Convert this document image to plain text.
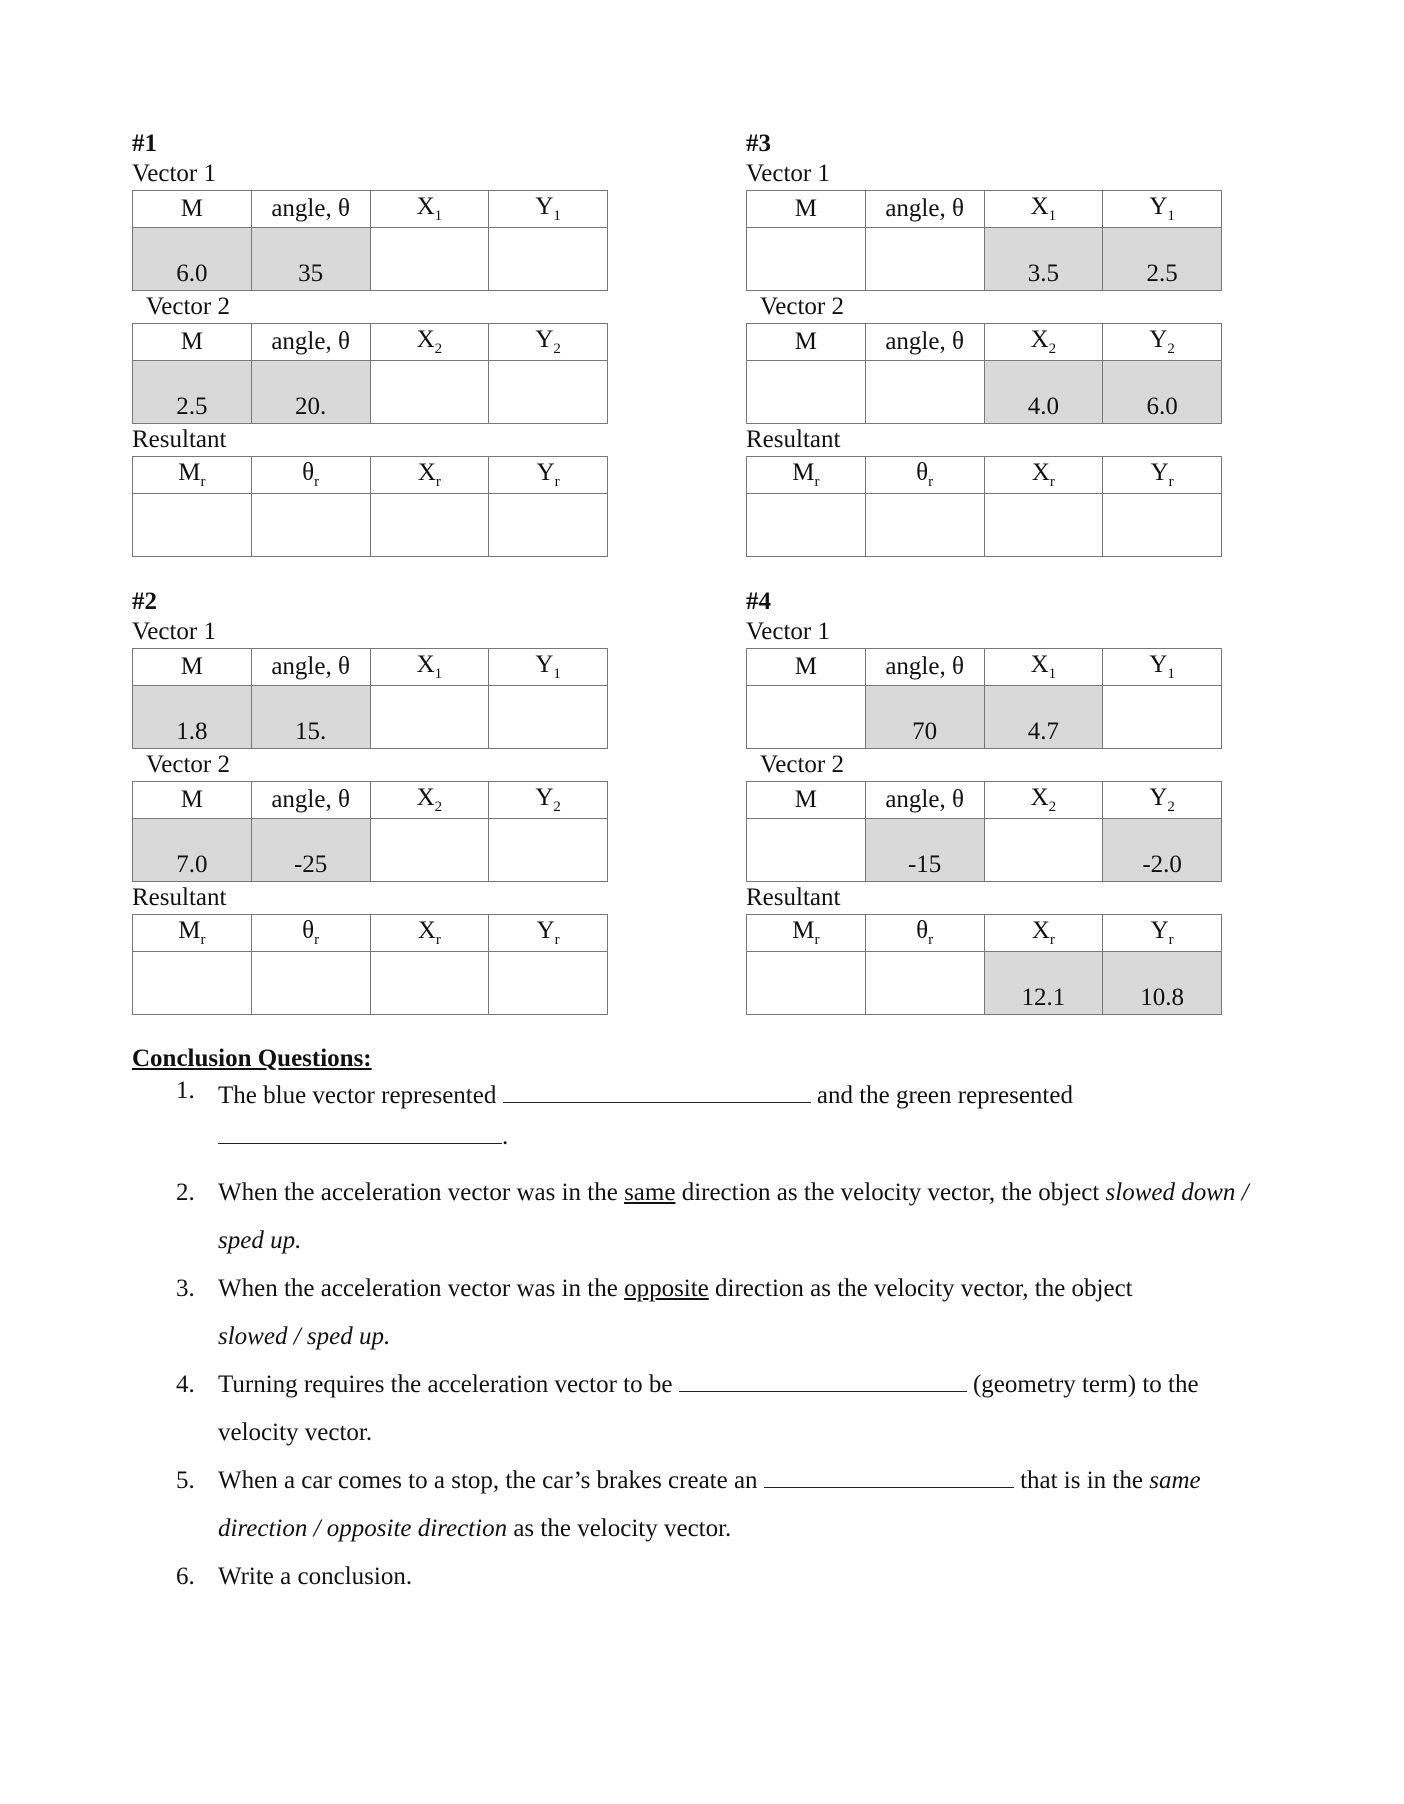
#1
Vector 1
M	angle, θ	$X_1$	$Y_1$
6.0	35		
Vector 2
M	angle, θ	$X_2$	$Y_2$
2.5	20.		
Resultant
$M_r$	$\theta_r$	$X_r$	$Y_r$

#3
Vector 1
M	angle, θ	$X_1$	$Y_1$
		3.5	2.5
Vector 2
M	angle, θ	$X_2$	$Y_2$
		4.0	6.0
Resultant
$M_r$	$\theta_r$	$X_r$	$Y_r$

#2
Vector 1
M	angle, θ	$X_1$	$Y_1$
1.8	15.		
Vector 2
M	angle, θ	$X_2$	$Y_2$
7.0	-25		
Resultant
$M_r$	$\theta_r$	$X_r$	$Y_r$

#4
Vector 1
M	angle, θ	$X_1$	$Y_1$
	70	4.7	
Vector 2
M	angle, θ	$X_2$	$Y_2$
	-15		-2.0
Resultant
$M_r$	$\theta_r$	$X_r$	$Y_r$
		12.1	10.8
Conclusion Questions:
1. The blue vector represented	and the green represented
.
2. When the acceleration vector was in the same direction as the velocity vector, the object slowed down / sped up.
3. When the acceleration vector was in the opposite direction as the velocity vector, the object
slowed / sped up.
4. Turning requires the acceleration vector to be	(geometry term) to the
velocity vector.
5. When a car comes to a stop, the car’s brakes create an	that is in the same
direction / opposite direction as the velocity vector.
6. Write a conclusion.
